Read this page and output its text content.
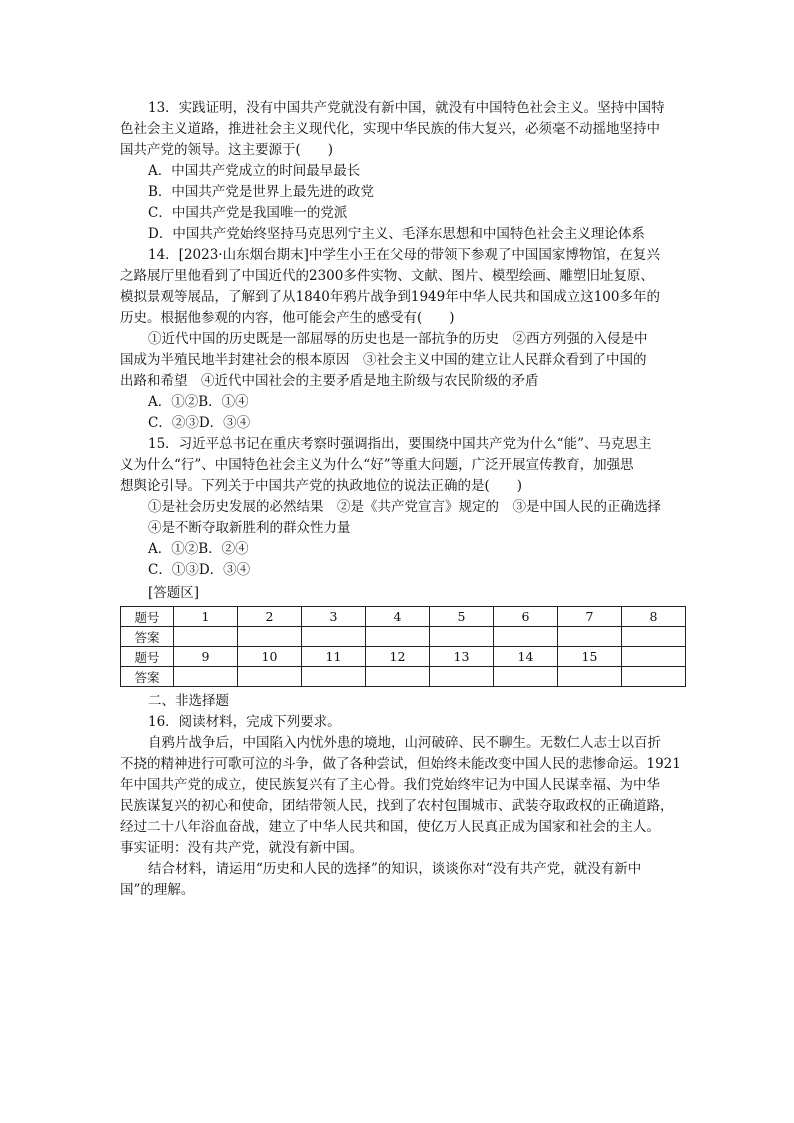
13．实践证明，没有中国共产党就没有新中国，就没有中国特色社会主义。坚持中国特

色社会主义道路，推进社会主义现代化，实现中华民族的伟大复兴，必须毫不动摇地坚持中

国共产党的领导。这主要源于(　　)

A．中国共产党成立的时间最早最长

B．中国共产党是世界上最先进的政党

C．中国共产党是我国唯一的党派

D．中国共产党始终坚持马克思列宁主义、毛泽东思想和中国特色社会主义理论体系

14．[2023·山东烟台期末]中学生小王在父母的带领下参观了中国国家博物馆，在复兴

之路展厅里他看到了中国近代的2300多件实物、文献、图片、模型绘画、雕塑旧址复原、

模拟景观等展品，了解到了从1840年鸦片战争到1949年中华人民共和国成立这100多年的

历史。根据他参观的内容，他可能会产生的感受有(　　)

①近代中国的历史既是一部屈辱的历史也是一部抗争的历史　②西方列强的入侵是中

国成为半殖民地半封建社会的根本原因　③社会主义中国的建立让人民群众看到了中国的

出路和希望　④近代中国社会的主要矛盾是地主阶级与农民阶级的矛盾

A．①②B．①④

C．②③D．③④

15．习近平总书记在重庆考察时强调指出，要围绕中国共产党为什么“能”、马克思主

义为什么“行”、中国特色社会主义为什么“好”等重大问题，广泛开展宣传教育，加强思

想舆论引导。下列关于中国共产党的执政地位的说法正确的是(　　)

①是社会历史发展的必然结果　②是《共产党宣言》规定的　③是中国人民的正确选择

④是不断夺取新胜利的群众性力量

A．①②B．②④

C．①③D．③④

[答题区]

题号	1	2	3	4	5	6	7	8
答案								
题号	9	10	11	12	13	14	15	
答案								

二、非选择题

16．阅读材料，完成下列要求。

自鸦片战争后，中国陷入内忧外患的境地，山河破碎、民不聊生。无数仁人志士以百折

不挠的精神进行可歌可泣的斗争，做了各种尝试，但始终未能改变中国人民的悲惨命运。1921

年中国共产党的成立，使民族复兴有了主心骨。我们党始终牢记为中国人民谋幸福、为中华

民族谋复兴的初心和使命，团结带领人民，找到了农村包围城市、武装夺取政权的正确道路，

经过二十八年浴血奋战，建立了中华人民共和国，使亿万人民真正成为国家和社会的主人。

事实证明：没有共产党，就没有新中国。

结合材料，请运用“历史和人民的选择”的知识，谈谈你对“没有共产党，就没有新中

国”的理解。
